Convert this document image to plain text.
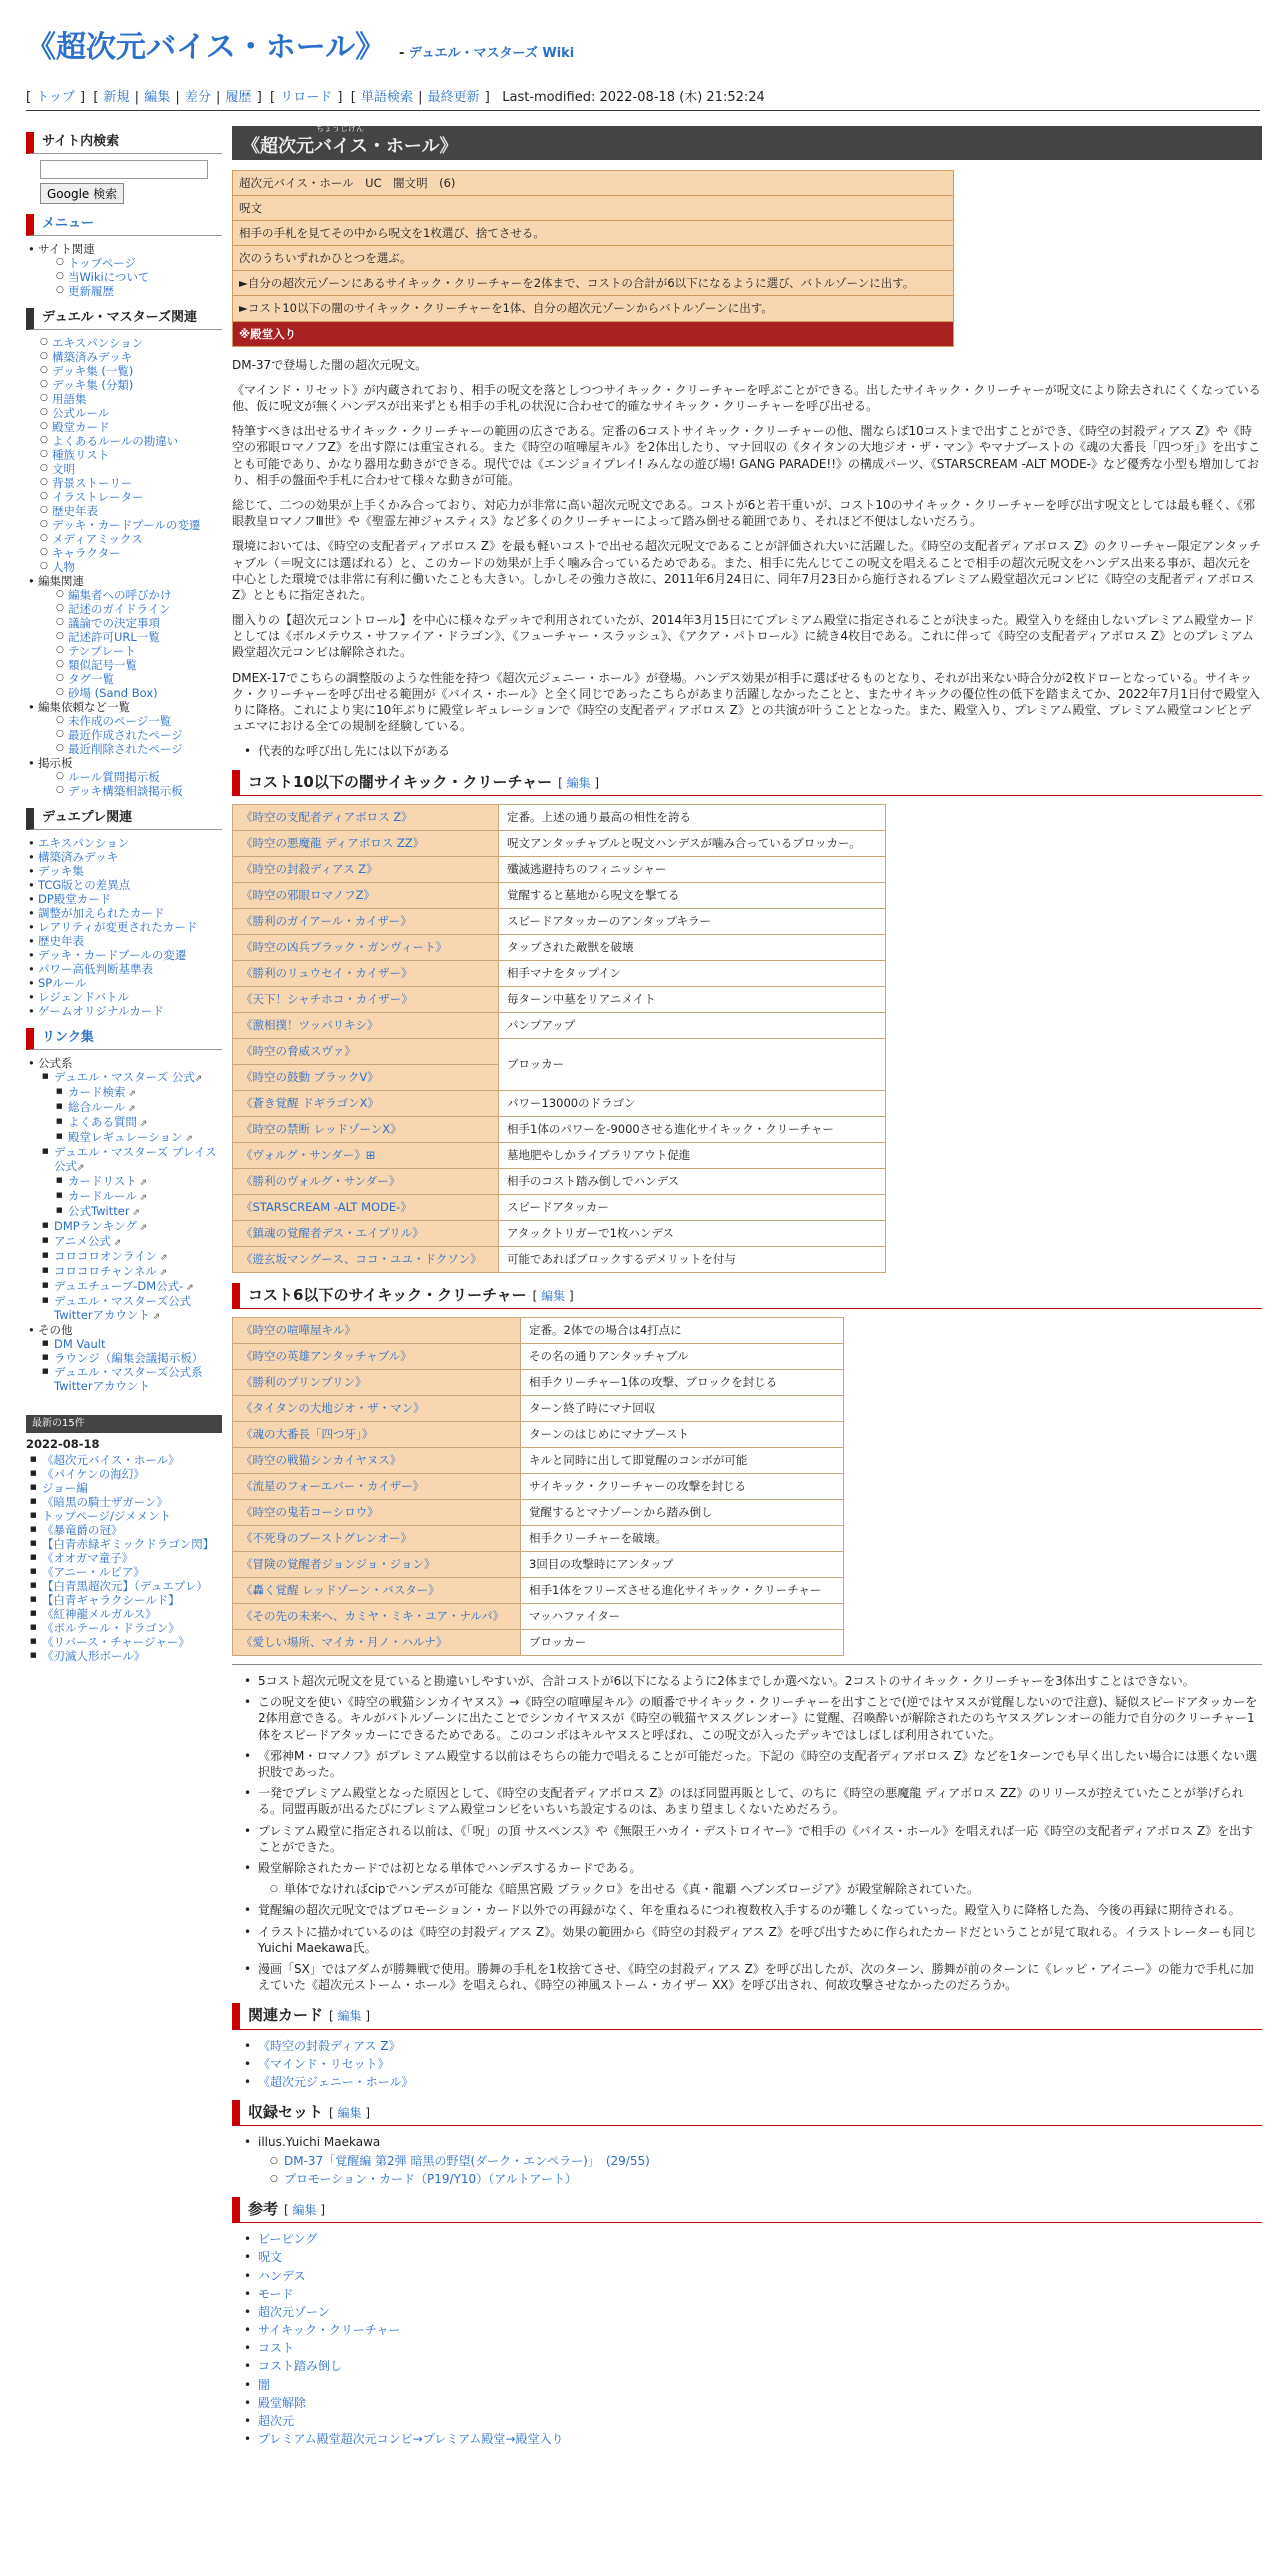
《超次元バイス・ホール》 - デュエル・マスターズ Wiki
[ トップ ]  [ 新規 | 編集 | 差分 | 履歴 ]  [ リロード ]  [ 単語検索 | 最終更新 ]   Last-modified: 2022-08-18 (木) 21:52:24
サイト内検索
Google 検索
メニュー
• サイト関連
○ トップページ
○ 当Wikiについて
○ 更新履歴
デュエル・マスターズ関連
○ エキスパンション
○ 構築済みデッキ
○ デッキ集 (一覧)
○ デッキ集 (分類)
○ 用語集
○ 公式ルール
○ 殿堂カード
○ よくあるルールの勘違い
○ 種族リスト
○ 文明
○ 背景ストーリー
○ イラストレーター
○ 歴史年表
○ デッキ・カードプールの変遷
○ メディアミックス
○ キャラクター
○ 人物
• 編集関連
○ 編集者への呼びかけ
○ 記述のガイドライン
○ 議論での決定事項
○ 記述許可URL一覧
○ テンプレート
○ 類似記号一覧
○ タグ一覧
○ 砂場 (Sand Box)
• 編集依頼など一覧
○ 未作成のページ一覧
○ 最近作成されたページ
○ 最近削除されたページ
• 掲示板
○ ルール質問掲示板
○ デッキ構築相談掲示板
デュエプレ関連
• エキスパンション
• 構築済みデッキ
• デッキ集
• TCG版との差異点
• DP殿堂カード
• 調整が加えられたカード
• レアリティが変更されたカード
• 歴史年表
• デッキ・カードプールの変遷
• パワー高低判断基準表
• SPルール
• レジェンドバトル
• ゲームオリジナルカード
リンク集
• 公式系
■ デュエル・マスターズ 公式⇗
■ カード検索 ⇗
■ 総合ルール ⇗
■ よくある質問 ⇗
■ 殿堂レギュレーション ⇗
■ デュエル・マスターズ プレイス 公式⇗
■ カードリスト ⇗
■ カードルール ⇗
■ 公式Twitter ⇗
■ DMPランキング ⇗
■ アニメ公式 ⇗
■ コロコロオンライン ⇗
■ コロコロチャンネル ⇗
■ デュエチューブ-DM公式- ⇗
■ デュエル・マスターズ公式Twitterアカウント ⇗
• その他
■ DM Vault
■ ラウンジ（編集会議掲示板）
■ デュエル・マスターズ公式系Twitterアカウント
最新の15件
2022-08-18
■ 《超次元バイス・ホール》
■ 《パイケンの海幻》
■ ジョー編
■ 《暗黒の騎士ザガーン》
■ トップページ/ジメメント
■ 《暴竜爵の冠》
■ 【白青赤緑ギミックドラゴン閃】
■ 《オオガマ童子》
■ 《アニー・ルピア》
■ 【白青黒超次元】（デュエプレ）
■ 【白青ギャラクシールド】
■ 《紅神龍メルガルス》
■ 《ボルテール・ドラゴン》
■ 《リバース・チャージャー》
■ 《刃滅人形ボール》
ちょうじげん
《超次元バイス・ホール》
超次元バイス・ホール　UC　闇文明　(6)
呪文
相手の手札を見てその中から呪文を1枚選び、捨てさせる。
次のうちいずれかひとつを選ぶ。
►自分の超次元ゾーンにあるサイキック・クリーチャーを2体まで、コストの合計が6以下になるように選び、バトルゾーンに出す。
►コスト10以下の闇のサイキック・クリーチャーを1体、自分の超次元ゾーンからバトルゾーンに出す。
※殿堂入り
DM-37で登場した闇の超次元呪文。
《マインド・リセット》が内蔵されており、相手の呪文を落としつつサイキック・クリーチャーを呼ぶことができる。出したサイキック・クリーチャーが呪文により除去されにくくなっている他、仮に呪文が無くハンデスが出来ずとも相手の手札の状況に合わせて的確なサイキック・クリーチャーを呼び出せる。
特筆すべきは出せるサイキック・クリーチャーの範囲の広さである。定番の6コストサイキック・クリーチャーの他、闇ならば10コストまで出すことができ、《時空の封殺ディアス Z》や《時空の邪眼ロマノフZ》を出す際には重宝される。また《時空の喧嘩屋キル》を2体出したり、マナ回収の《タイタンの大地ジオ・ザ・マン》やマナブーストの《魂の大番長「四つ牙」》を出すことも可能であり、かなり器用な動きができる。現代では《エンジョイプレイ! みんなの遊び場! GANG PARADE!!》の構成パーツ、《STARSCREAM -ALT MODE-》など優秀な小型も増加しており、相手の盤面や手札に合わせて様々な動きが可能。
総じて、二つの効果が上手くかみ合っており、対応力が非常に高い超次元呪文である。コストが6と若干重いが、コスト10のサイキック・クリーチャーを呼び出す呪文としては最も軽く、《邪眼教皇ロマノフⅢ世》や《聖霊左神ジャスティス》など多くのクリーチャーによって踏み倒せる範囲であり、それほど不便はしないだろう。
環境においては、《時空の支配者ディアボロス Z》を最も軽いコストで出せる超次元呪文であることが評価され大いに活躍した。《時空の支配者ディアボロス Z》のクリーチャー限定アンタッチャブル（＝呪文には選ばれる）と、このカードの効果が上手く噛み合っているためである。また、相手に先んじてこの呪文を唱えることで相手の超次元呪文をハンデス出来る事が、超次元を中心とした環境では非常に有利に働いたことも大きい。しかしその強力さ故に、2011年6月24日に、同年7月23日から施行されるプレミアム殿堂超次元コンビに《時空の支配者ディアボロス Z》とともに指定された。
闇入りの【超次元コントロール】を中心に様々なデッキで利用されていたが、2014年3月15日にてプレミアム殿堂に指定されることが決まった。殿堂入りを経由しないプレミアム殿堂カードとしては《ボルメテウス・サファイア・ドラゴン》、《フューチャー・スラッシュ》、《アクア・パトロール》に続き4枚目である。これに伴って《時空の支配者ディアボロス Z》とのプレミアム殿堂超次元コンビは解除された。
DMEX-17でこちらの調整版のような性能を持つ《超次元ジェニー・ホール》が登場。ハンデス効果が相手に選ばせるものとなり、それが出来ない時合分が2枚ドローとなっている。サイキック・クリーチャーを呼び出せる範囲が《バイス・ホール》と全く同じであったこちらがあまり活躍しなかったことと、またサイキックの優位性の低下を踏まえてか、2022年7月1日付で殿堂入りに降格。これにより実に10年ぶりに殿堂レギュレーションで《時空の支配者ディアボロス Z》との共演が叶うこととなった。また、殿堂入り、プレミアム殿堂、プレミアム殿堂コンビとデュエマにおける全ての規制を経験している。
• 代表的な呼び出し先には以下がある
コスト10以下の闇サイキック・クリーチャー [ 編集 ]
《時空の支配者ディアボロス Z》	定番。上述の通り最高の相性を誇る
《時空の悪魔龍 ディアボロス ZZ》	呪文アンタッチャブルと呪文ハンデスが噛み合っているブロッカー。
《時空の封殺ディアス Z》	殲滅逃避持ちのフィニッシャー
《時空の邪眼ロマノフZ》	覚醒すると墓地から呪文を撃てる
《勝利のガイアール・カイザー》	スピードアタッカーのアンタップキラー
《時空の凶兵ブラック・ガンヴィート》	タップされた敵獣を破壊
《勝利のリュウセイ・カイザー》	相手マナをタップイン
《天下！シャチホコ・カイザー》	毎ターン中墓をリアニメイト
《激相撲！ツッパリキシ》	パンプアップ
《時空の脅威スヴァ》	ブロッカー
《時空の鼓動 ブラックV》	
《蒼き覚醒 ドギラゴンX》	パワー13000のドラゴン
《時空の禁断 レッドゾーンX》	相手1体のパワーを-9000させる進化サイキック・クリーチャー
《ヴォルグ・サンダー》⊞	墓地肥やしかライブラリアウト促進
《勝利のヴォルグ・サンダー》	相手のコスト踏み倒しでハンデス
《STARSCREAM -ALT MODE-》	スピードアタッカー
《鎮魂の覚醒者デス・エイプリル》	アタックトリガーで1枚ハンデス
《遊玄坂マングース、ココ・ユユ・ドクソン》	可能であればブロックするデメリットを付与
コスト6以下のサイキック・クリーチャー [ 編集 ]
《時空の喧嘩屋キル》	定番。2体での場合は4打点に
《時空の英雄アンタッチャブル》	その名の通りアンタッチャブル
《勝利のプリンプリン》	相手クリーチャー1体の攻撃、ブロックを封じる
《タイタンの大地ジオ・ザ・マン》	ターン終了時にマナ回収
《魂の大番長「四つ牙」》	ターンのはじめにマナブースト
《時空の戦猫シンカイヤヌス》	キルと同時に出して即覚醒のコンボが可能
《流星のフォーエバー・カイザー》	サイキック・クリーチャーの攻撃を封じる
《時空の鬼若コーシロウ》	覚醒するとマナゾーンから踏み倒し
《不死身のブーストグレンオー》	相手クリーチャーを破壊。
《冒険の覚醒者ジョンジョ・ジョン》	3回目の攻撃時にアンタップ
《轟く覚醒 レッドゾーン・バスター》	相手1体をフリーズさせる進化サイキック・クリーチャー
《その先の未来へ、カミヤ・ミキ・ユア・ナルパ》	マッハファイター
《愛しい場所、マイカ・月ノ・ハルナ》	ブロッカー
• 5コスト超次元呪文を見ていると勘違いしやすいが、合計コストが6以下になるように2体までしか選べない。2コストのサイキック・クリーチャーを3体出すことはできない。
• この呪文を使い《時空の戦猫シンカイヤヌス》→《時空の喧嘩屋キル》の順番でサイキック・クリーチャーを出すことで(逆ではヤヌスが覚醒しないので注意)、疑似スピードアタッカーを2体用意できる。キルがバトルゾーンに出たことでシンカイヤヌスが《時空の戦猫ヤヌスグレンオー》に覚醒、召喚酔いが解除されたのちヤヌスグレンオーの能力で自分のクリーチャー1体をスピードアタッカーにできるためである。このコンボはキルヤヌスと呼ばれ、この呪文が入ったデッキではしばしば利用されていた。
• 《邪神M・ロマノフ》がプレミアム殿堂する以前はそちらの能力で唱えることが可能だった。下記の《時空の支配者ディアボロス Z》などを1ターンでも早く出したい場合には悪くない選択肢であった。
• 一発でプレミアム殿堂となった原因として、《時空の支配者ディアボロス Z》のほぼ同盟再販として、のちに《時空の悪魔龍 ディアボロス ZZ》のリリースが控えていたことが挙げられる。同盟再販が出るたびにプレミアム殿堂コンビをいちいち設定するのは、あまり望ましくないためだろう。
• プレミアム殿堂に指定される以前は、《「呪」の頂 サスペンス》や《無限王ハカイ・デストロイヤー》で相手の《バイス・ホール》を唱えれば一応《時空の支配者ディアボロス Z》を出すことができた。
• 殿堂解除されたカードでは初となる単体でハンデスするカードである。
○ 単体でなければcipでハンデスが可能な《暗黒宮殿 ブラックロ》を出せる《真・龍覇 ヘブンズロージア》が殿堂解除されていた。
• 覚醒編の超次元呪文ではプロモーション・カード以外での再録がなく、年を重ねるにつれ複数枚入手するのが難しくなっていった。殿堂入りに降格した為、今後の再録に期待される。
• イラストに描かれているのは《時空の封殺ディアス Z》。効果の範囲から《時空の封殺ディアス Z》を呼び出すために作られたカードだということが見て取れる。イラストレーターも同じYuichi Maekawa氏。
• 漫画「SX」ではアダムが勝舞戦で使用。勝舞の手札を1枚捨てさせ、《時空の封殺ディアス Z》を呼び出したが、次のターン、勝舞が前のターンに《レッピ・アイニー》の能力で手札に加えていた《超次元ストーム・ホール》を唱えられ、《時空の神風ストーム・カイザー XX》を呼び出され、何故攻撃させなかったのだろうか。
関連カード [ 編集 ]
• 《時空の封殺ディアス Z》
• 《マインド・リセット》
• 《超次元ジェニー・ホール》
収録セット [ 編集 ]
• illus.Yuichi Maekawa
○ DM-37「覚醒編 第2弾 暗黒の野望(ダーク・エンペラー)」　(29/55)
○ プロモーション・カード（P19/Y10）（アルトアート）
参考 [ 編集 ]
• ピーピング
• 呪文
• ハンデス
• モード
• 超次元ゾーン
• サイキック・クリーチャー
• コスト
• コスト踏み倒し
• 闇
• 殿堂解除
• 超次元
• プレミアム殿堂超次元コンビ→プレミアム殿堂→殿堂入り
